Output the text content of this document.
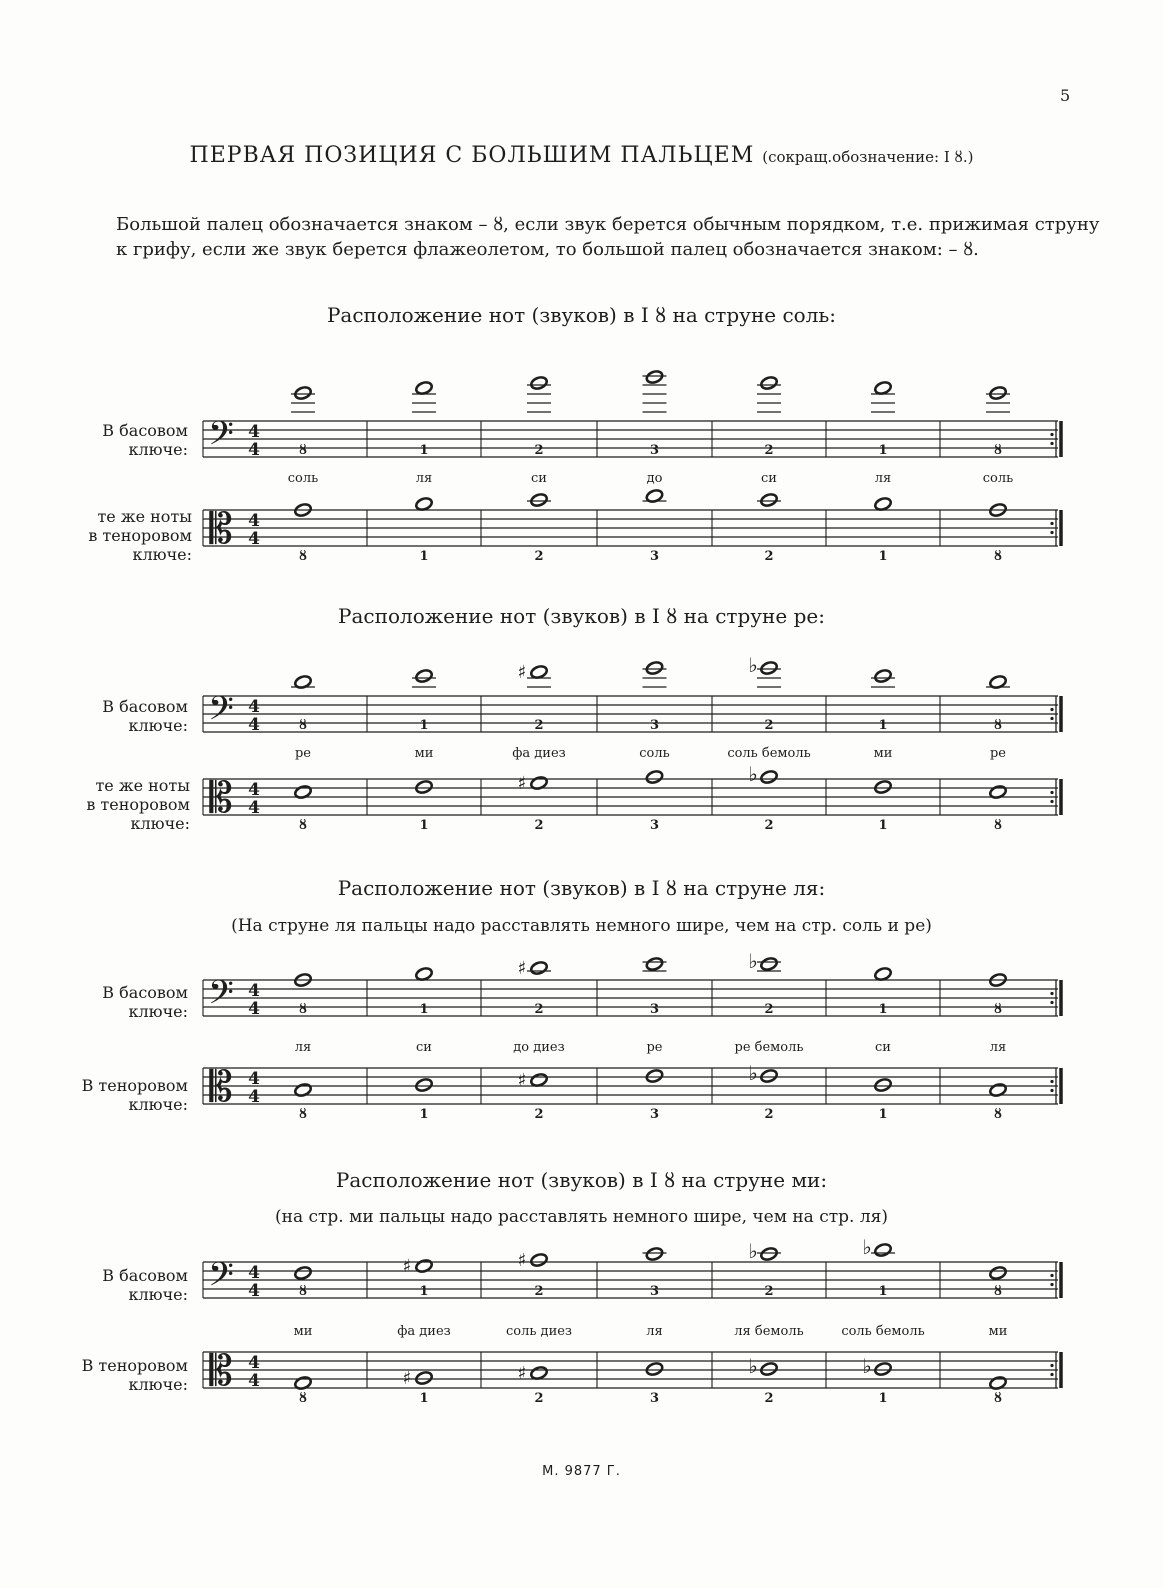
5
ПЕРВАЯ ПОЗИЦИЯ С БОЛЬШИМ ПАЛЬЦЕМ (сокращ.обозначение: I ȣ.)
Большой палец обозначается знаком – ȣ, если звук берется обычным порядком, т.е. прижимая струну
к грифу, если же звук берется флажеолетом, то большой палец обозначается знаком: – ȣ.
Расположение нот (звуков) в I ȣ на струне соль:
В басовом
ключе:
те же ноты
в теноровом
ключе:
Расположение нот (звуков) в I ȣ на струне ре:
В басовом
ключе:
те же ноты
в теноровом
ключе:
Расположение нот (звуков) в I ȣ на струне ля:
(На струне ля пальцы надо расставлять немного шире, чем на стр. соль и ре)
В басовом
ключе:
В теноровом
ключе:
Расположение нот (звуков) в I ȣ на струне ми:
(на стр. ми пальцы надо расставлять немного шире, чем на стр. ля)
В басовом
ключе:
В теноровом
ключе:
𝄢 4
4
𝄡 4
4
ȣ
соль
ȣ
1
ля
1
2
си
2
3
до
3
2
си
2
1
ля
1
ȣ
соль
ȣ
𝄢 4
4
𝄡 4
4
ȣ
ре
ȣ
1
ми
1
♯
♯
2
фа диез
2
3
соль
3
♭
♭
2
соль бемоль
2
1
ми
1
ȣ
ре
ȣ
𝄢 4
4
𝄡 4
4
ȣ
ля
ȣ
1
си
1
♯
♯
2
до диез
2
3
ре
3
♭
♭
2
ре бемоль
2
1
си
1
ȣ
ля
ȣ
𝄢 4
4
𝄡 4
4
ȣ
ми
ȣ
♯
♯
1
фа диез
1
♯
♯
2
соль диез
2
3
ля
3
♭
♭
2
ля бемоль
2
♭
♭
1
соль бемоль
1
ȣ
ми
ȣ
М. 9877 Г.
